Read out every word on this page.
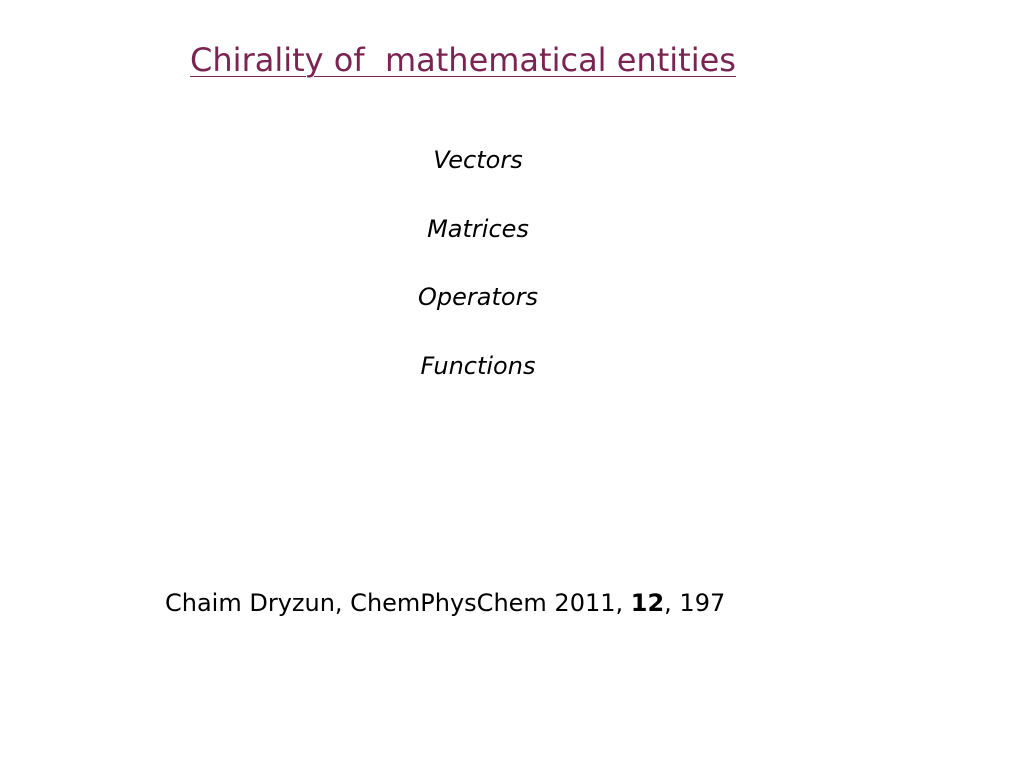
Chirality of  mathematical entities
Vectors
Matrices
Operators
Functions
Chaim Dryzun, ChemPhysChem 2011, 12, 197
